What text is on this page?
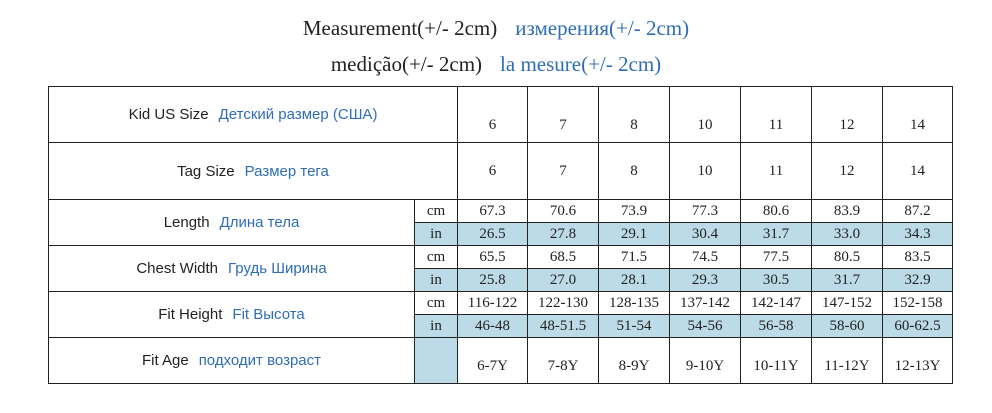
Measurement(+/- 2cm) измерения(+/- 2cm)
medição(+/- 2cm) la mesure(+/- 2cm)
Kid US Size Детский размер (США)		6	7	8	10	11	12	14
Tag Size Размер тега		6	7	8	10	11	12	14
Length Длина тела	cm	67.3	70.6	73.9	77.3	80.6	83.9	87.2
	in	26.5	27.8	29.1	30.4	31.7	33.0	34.3
Chest Width Грудь Ширина	cm	65.5	68.5	71.5	74.5	77.5	80.5	83.5
	in	25.8	27.0	28.1	29.3	30.5	31.7	32.9
Fit Height Fit Высота	cm	116-122	122-130	128-135	137-142	142-147	147-152	152-158
	in	46-48	48-51.5	51-54	54-56	56-58	58-60	60-62.5
Fit Age подходит возраст		6-7Y	7-8Y	8-9Y	9-10Y	10-11Y	11-12Y	12-13Y
